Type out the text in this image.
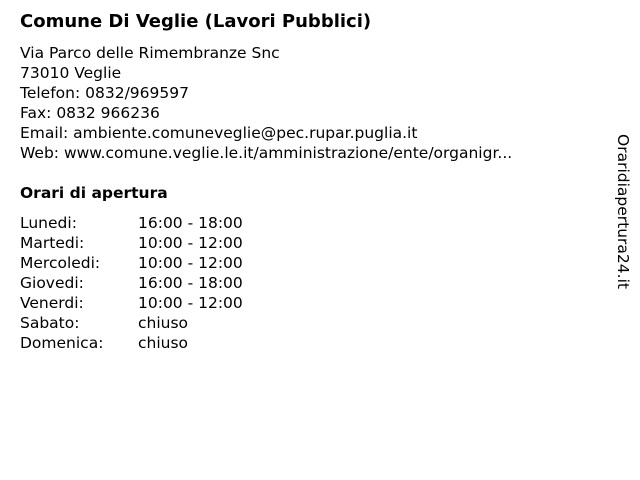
Comune Di Veglie (Lavori Pubblici)
Via Parco delle Rimembranze Snc
73010 Veglie
Telefon: 0832/969597
Fax: 0832 966236
Email: ambiente.comuneveglie@pec.rupar.puglia.it
Web: www.comune.veglie.le.it/amministrazione/ente/organigr...
Orari di apertura
Lunedi:	16:00 - 18:00
Martedi:	10:00 - 12:00
Mercoledi:	10:00 - 12:00
Giovedi:	16:00 - 18:00
Venerdi:	10:00 - 12:00
Sabato:	chiuso
Domenica:	chiuso
Oraridiapertura24.it
